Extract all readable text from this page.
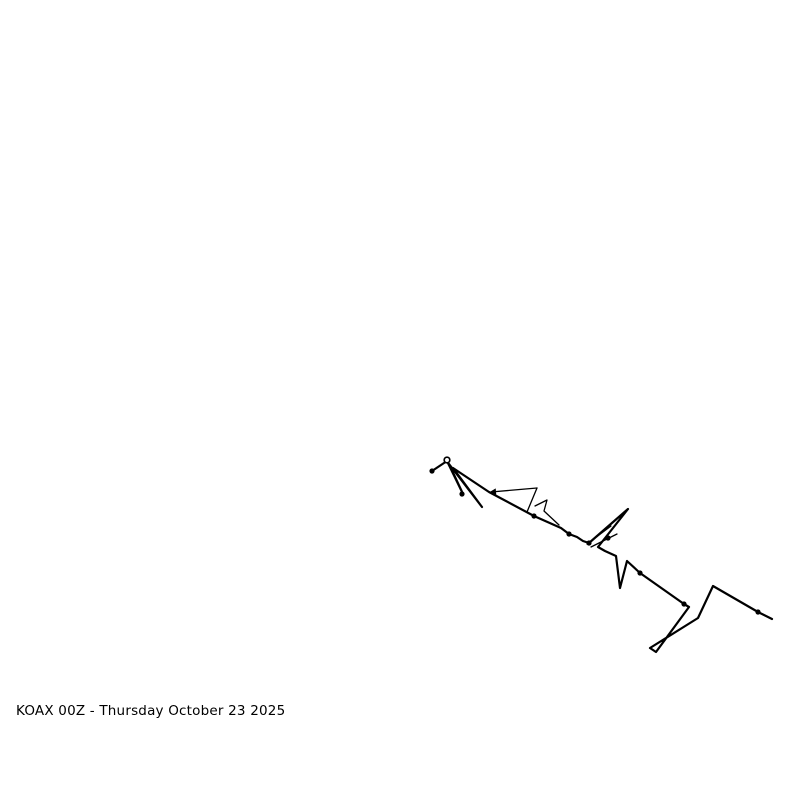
KOAX 00Z - Thursday October 23 2025
